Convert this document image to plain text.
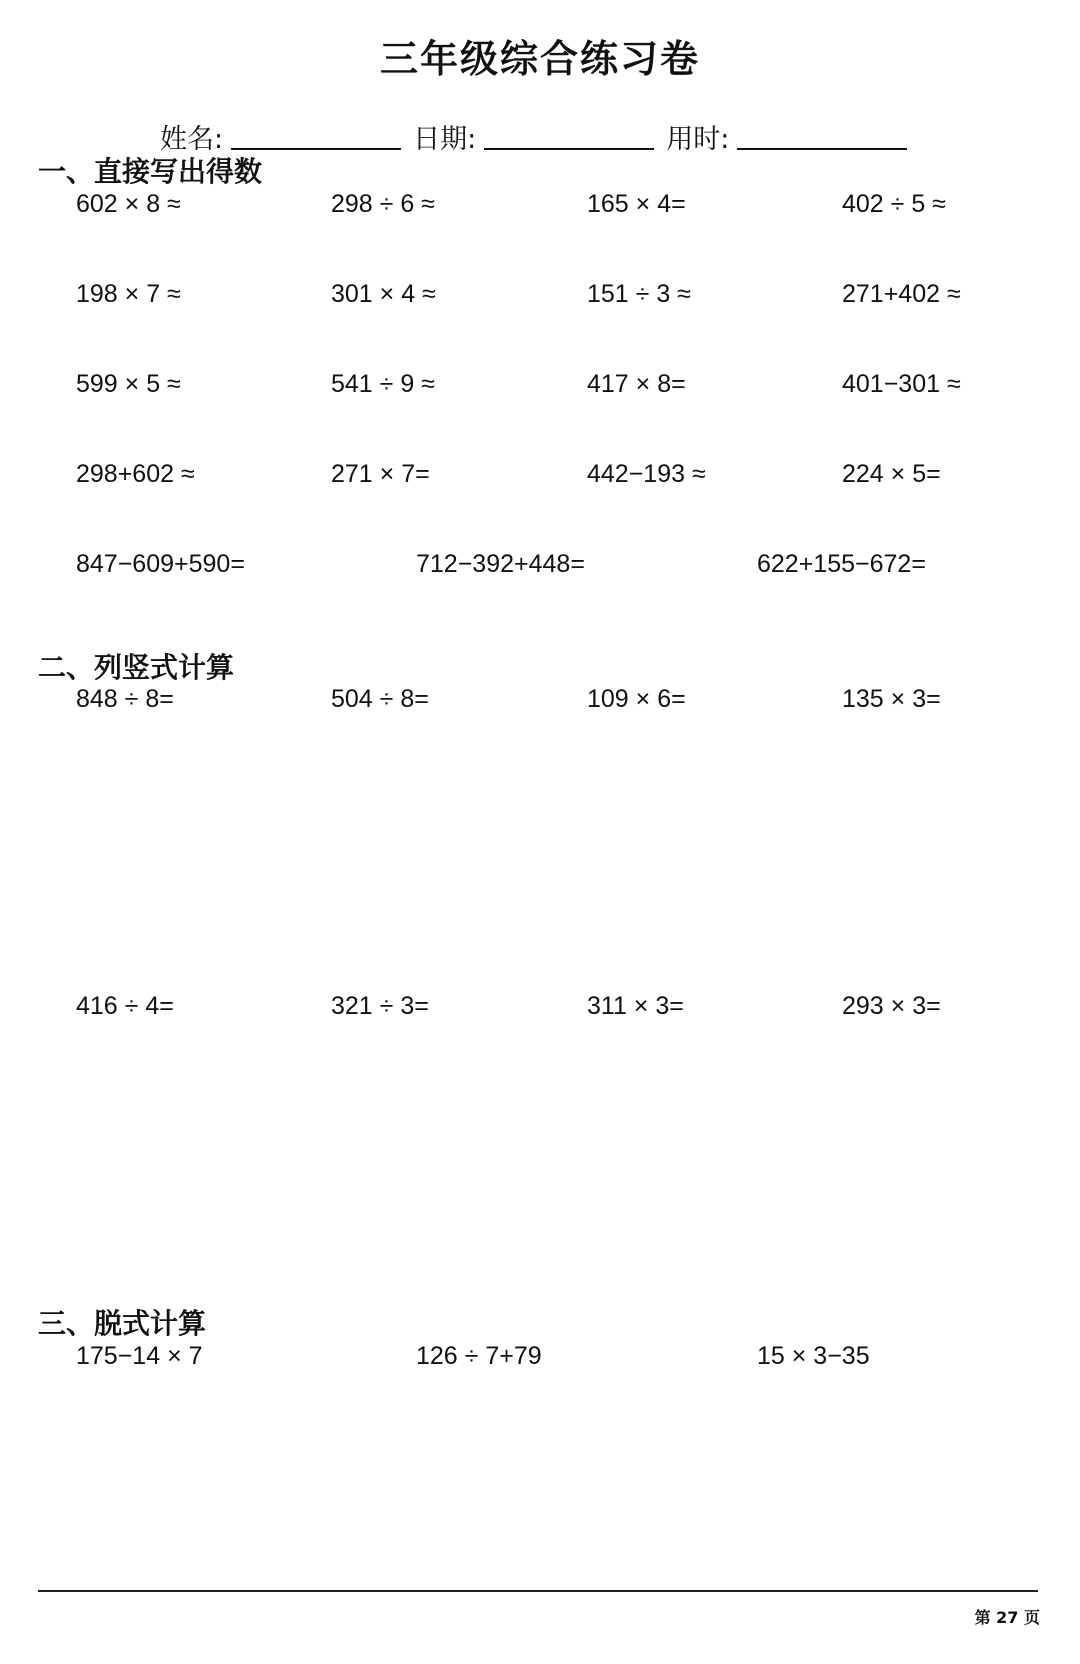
三年级综合练习卷
姓名:	日期:	用时:
一、直接写出得数
602 × 8 ≈	298 ÷ 6 ≈	165 × 4=	402 ÷ 5 ≈
198 × 7 ≈	301 × 4 ≈	151 ÷ 3 ≈	271+402 ≈
599 × 5 ≈	541 ÷ 9 ≈	417 × 8=	401−301 ≈
298+602 ≈	271 × 7=	442−193 ≈	224 × 5=
847−609+590=	712−392+448=	622+155−672=
二、列竖式计算
848 ÷ 8=	504 ÷ 8=	109 × 6=	135 × 3=
416 ÷ 4=	321 ÷ 3=	311 × 3=	293 × 3=
三、脱式计算
175−14 × 7	126 ÷ 7+79	15 × 3−35
第 27 页
